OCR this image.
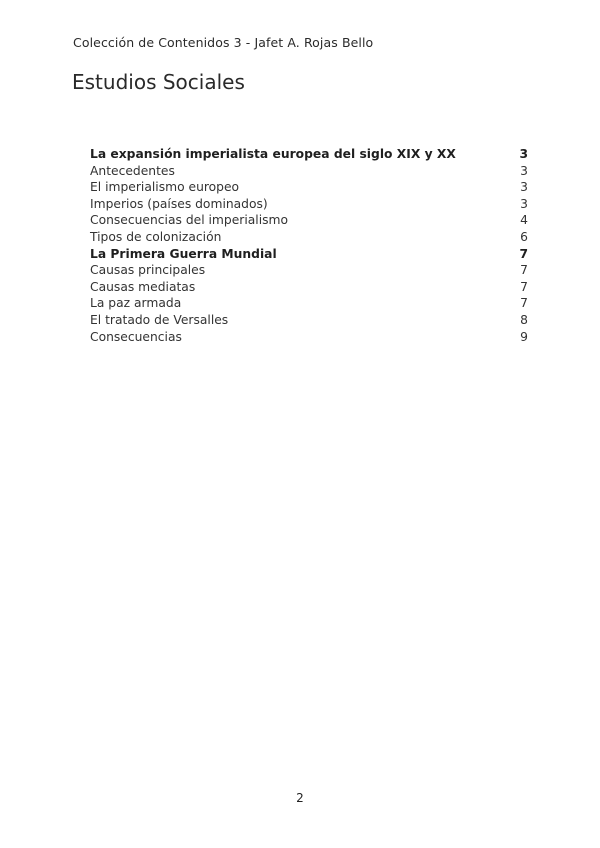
Colección de Contenidos 3 - Jafet A. Rojas Bello
Estudios Sociales
La expansión imperialista europea del siglo XIX y XX	3
Antecedentes	3
El imperialismo europeo	3
Imperios (países dominados)	3
Consecuencias del imperialismo	4
Tipos de colonización	6
La Primera Guerra Mundial	7
Causas principales	7
Causas mediatas	7
La paz armada	7
El tratado de Versalles	8
Consecuencias	9
2
